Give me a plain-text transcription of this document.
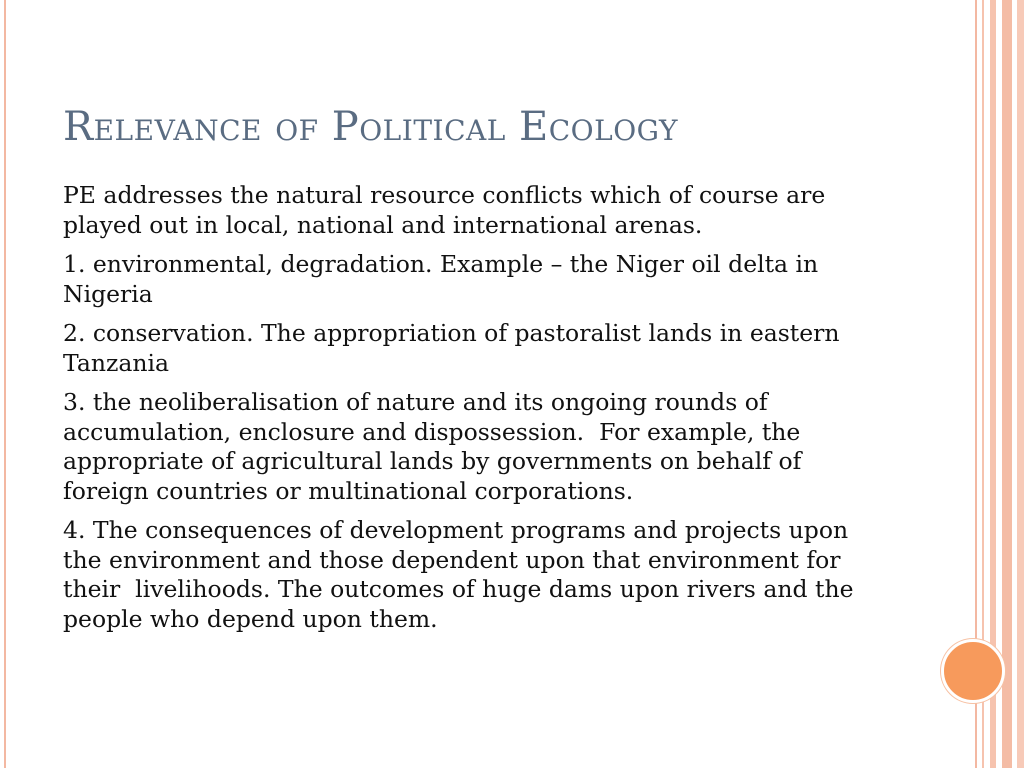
Relevance of Political Ecology

PE addresses the natural resource conflicts which of course are played out in local, national and international arenas.

1. environmental, degradation. Example – the Niger oil delta in Nigeria

2. conservation. The appropriation of pastoralist lands in eastern Tanzania

3. the neoliberalisation of nature and its ongoing rounds of accumulation, enclosure and dispossession.  For example, the appropriate of agricultural lands by governments on behalf of foreign countries or multinational corporations.

4. The consequences of development programs and projects upon the environment and those dependent upon that environment for  their  livelihoods. The outcomes of huge dams upon rivers and the people who depend upon them.
